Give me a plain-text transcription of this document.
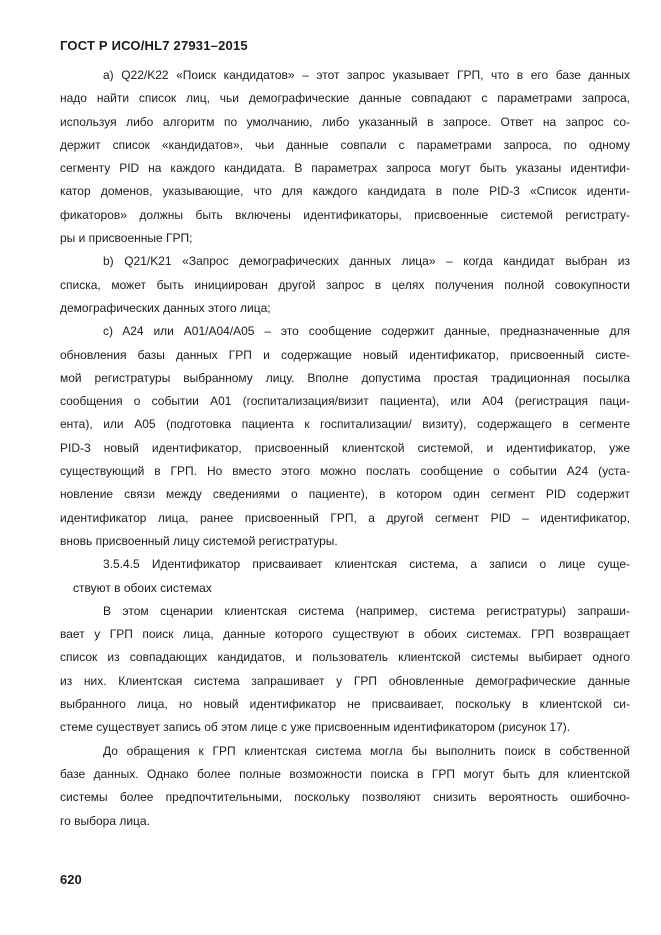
ГОСТ Р ИСО/HL7 27931–2015
a) Q22/K22 «Поиск кандидатов» – этот запрос указывает ГРП, что в его базе данных
надо найти список лиц, чьи демографические данные совпадают с параметрами запроса,
используя либо алгоритм по умолчанию, либо указанный в запросе. Ответ на запрос со-
держит список «кандидатов», чьи данные совпали с параметрами запроса, по одному
сегменту PID на каждого кандидата. В параметрах запроса могут быть указаны идентифи-
катор доменов, указывающие, что для каждого кандидата в поле PID-3 «Список иденти-
фикаторов» должны быть включены идентификаторы, присвоенные системой регистрату-
ры и присвоенные ГРП;
b) Q21/K21 «Запрос демографических данных лица» – когда кандидат выбран из
списка, может быть инициирован другой запрос в целях получения полной совокупности
демографических данных этого лица;
c) A24 или A01/A04/A05 – это сообщение содержит данные, предназначенные для
обновления базы данных ГРП и содержащие новый идентификатор, присвоенный систе-
мой регистратуры выбранному лицу. Вполне допустима простая традиционная посылка
сообщения о событии A01 (госпитализация/визит пациента), или A04 (регистрация паци-
ента), или A05 (подготовка пациента к госпитализации/ визиту), содержащего в сегменте
PID-3 новый идентификатор, присвоенный клиентской системой, и идентификатор, уже
существующий в ГРП. Но вместо этого можно послать сообщение о событии A24 (уста-
новление связи между сведениями о пациенте), в котором один сегмент PID содержит
идентификатор лица, ранее присвоенный ГРП, а другой сегмент PID – идентификатор,
вновь присвоенный лицу системой регистратуры.
3.5.4.5 Идентификатор присваивает клиентская система, а записи о лице суще-
ствуют в обоих системах
В этом сценарии клиентская система (например, система регистратуры) запраши-
вает у ГРП поиск лица, данные которого существуют в обоих системах. ГРП возвращает
список из совпадающих кандидатов, и пользователь клиентской системы выбирает одного
из них. Клиентская система запрашивает у ГРП обновленные демографические данные
выбранного лица, но новый идентификатор не присваивает, поскольку в клиентской си-
стеме существует запись об этом лице с уже присвоенным идентификатором (рисунок 17).
До обращения к ГРП клиентская система могла бы выполнить поиск в собственной
базе данных. Однако более полные возможности поиска в ГРП могут быть для клиентской
системы более предпочтительными, поскольку позволяют снизить вероятность ошибочно-
го выбора лица.
620
